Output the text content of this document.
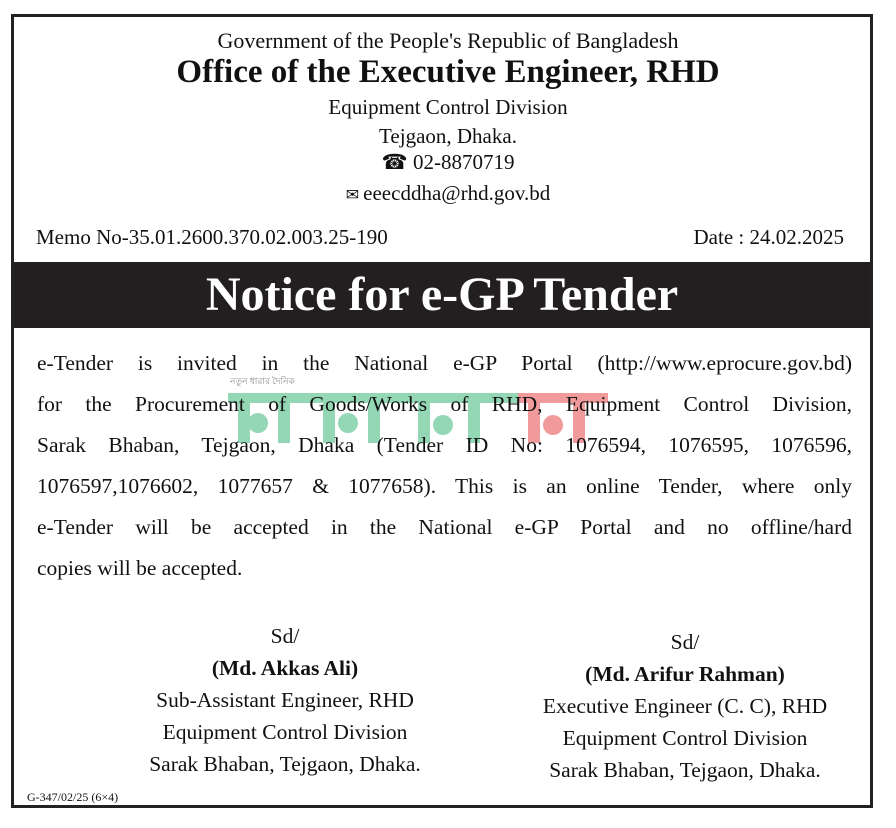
Government of the People's Republic of Bangladesh
Office of the Executive Engineer, RHD
Equipment Control Division
Tejgaon, Dhaka.
☎ 02-8870719
✉ eeecddha@rhd.gov.bd
Memo No-35.01.2600.370.02.003.25-190	Date : 24.02.2025
Notice for e-GP Tender
নতুন ধারার দৈনিক
e-Tender is invited in the National e-GP Portal (http://www.eprocure.gov.bd)
for the Procurement of Goods/Works of RHD, Equipment Control Division,
Sarak Bhaban, Tejgaon, Dhaka (Tender ID No: 1076594, 1076595, 1076596,
1076597,1076602, 1077657 & 1077658). This is an online Tender, where only
e-Tender will be accepted in the National e-GP Portal and no offline/hard
copies will be accepted.
Sd/
(Md. Akkas Ali)
Sub-Assistant Engineer, RHD
Equipment Control Division
Sarak Bhaban, Tejgaon, Dhaka.
Sd/
(Md. Arifur Rahman)
Executive Engineer (C. C), RHD
Equipment Control Division
Sarak Bhaban, Tejgaon, Dhaka.
G-347/02/25 (6×4)
